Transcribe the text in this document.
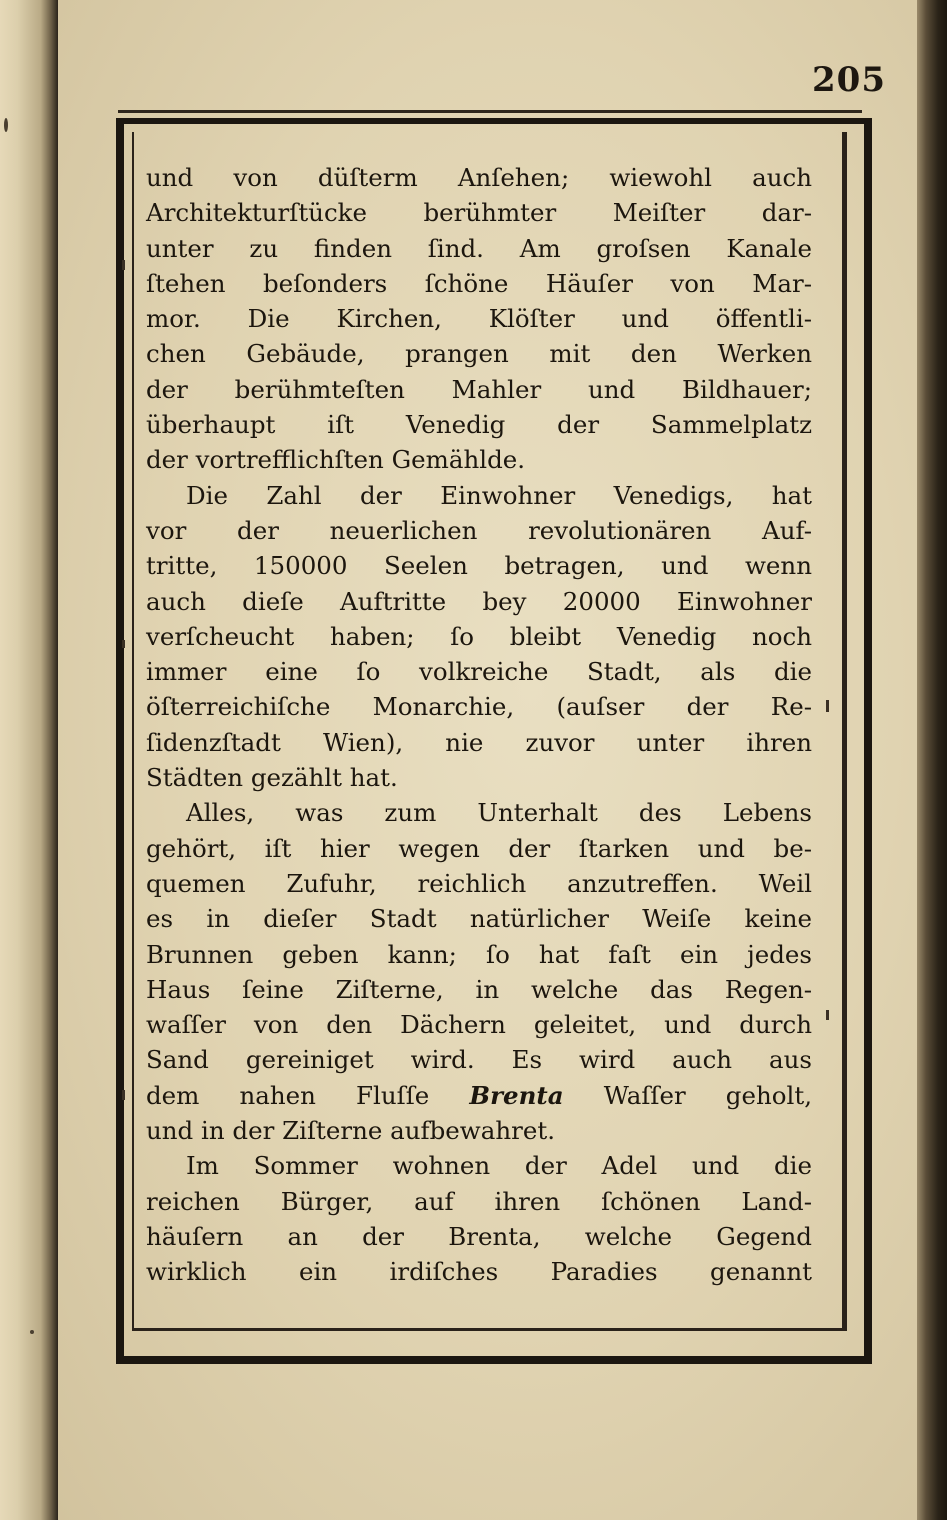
205
und von düſterm Anſehen; wiewohl auch
Architekturſtücke berühmter Meiſter dar-
unter zu finden ſind. Am groſsen Kanale
ſtehen beſonders ſchöne Häuſer von Mar-
mor. Die Kirchen, Klöſter und öffentli-
chen Gebäude, prangen mit den Werken
der berühmteſten Mahler und Bildhauer;
überhaupt iſt Venedig der Sammelplatz
der vortrefflichſten Gemählde.
Die Zahl der Einwohner Venedigs, hat
vor der neuerlichen revolutionären Auf-
tritte, 150000 Seelen betragen, und wenn
auch dieſe Auftritte bey 20000 Einwohner
verſcheucht haben; ſo bleibt Venedig noch
immer eine ſo volkreiche Stadt, als die
öſterreichiſche Monarchie, (auſser der Re-
ſidenzſtadt Wien), nie zuvor unter ihren
Städten gezählt hat.
Alles, was zum Unterhalt des Lebens
gehört, iſt hier wegen der ſtarken und be-
quemen Zufuhr, reichlich anzutreffen. Weil
es in dieſer Stadt natürlicher Weiſe keine
Brunnen geben kann; ſo hat faſt ein jedes
Haus ſeine Ziſterne, in welche das Regen-
waſſer von den Dächern geleitet, und durch
Sand gereiniget wird. Es wird auch aus
dem nahen Fluſſe Brenta Waſſer geholt,
und in der Ziſterne aufbewahret.
Im Sommer wohnen der Adel und die
reichen Bürger, auf ihren ſchönen Land-
häuſern an der Brenta, welche Gegend
wirklich ein irdiſches Paradies genannt
